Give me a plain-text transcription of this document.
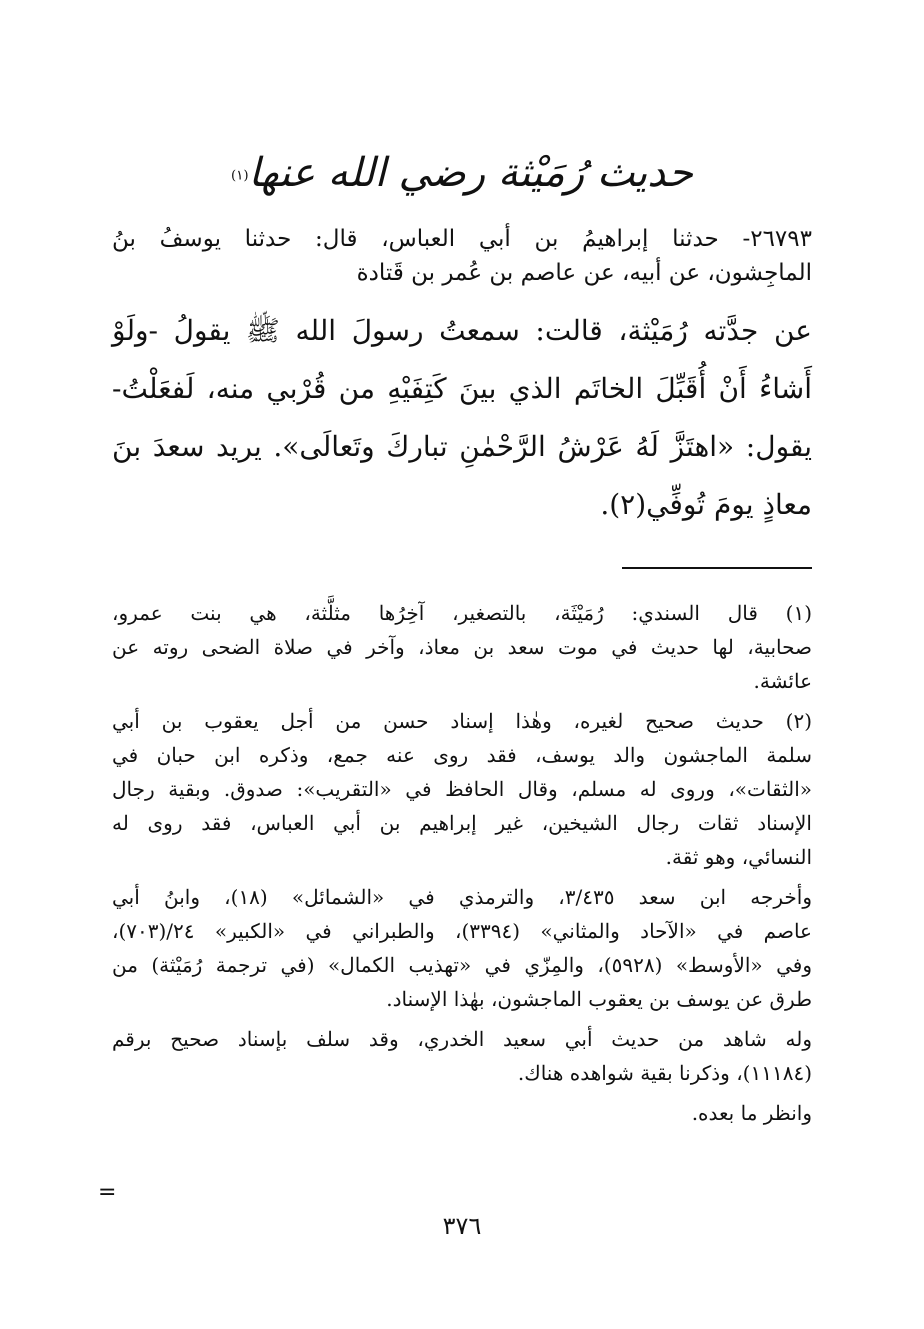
حديث رُمَيْثة رضي الله عنها$^{(١)}$
٢٦٧٩٣- حدثنا إبراهيمُ بن أبي العباس، قال: حدثنا يوسفُ بنُ
الماجِشون، عن أبيه، عن عاصم بن عُمر بن قَتادة
عن جدَّته رُمَيْثة، قالت: سمعتُ رسولَ الله ﷺ يقولُ -ولَوْ
أَشاءُ أَنْ أُقَبِّلَ الخاتَم الذي بينَ كَتِفَيْهِ من قُرْبي منه، لَفعَلْتُ-
يقول: «اهتَزَّ لَهُ عَرْشُ الرَّحْمٰنِ تباركَ وتَعالَى». يريد سعدَ بنَ
معاذٍ يومَ تُوفِّي(٢).
(١) قال السندي: رُمَيْثَة، بالتصغير، آخِرُها مثلَّثة، هي بنت عمرو،
صحابية، لها حديث في موت سعد بن معاذ، وآخر في صلاة الضحى روته عن
عائشة.
(٢) حديث صحيح لغيره، وهٰذا إسناد حسن من أجل يعقوب بن أبي
سلمة الماجشون والد يوسف، فقد روى عنه جمع، وذكره ابن حبان في
«الثقات»، وروى له مسلم، وقال الحافظ في «التقريب»: صدوق. وبقية رجال
الإسناد ثقات رجال الشيخين، غير إبراهيم بن أبي العباس، فقد روى له
النسائي، وهو ثقة.
وأخرجه ابن سعد ٣/٤٣٥، والترمذي في «الشمائل» (١٨)، وابنُ أبي
عاصم في «الآحاد والمثاني» (٣٣٩٤)، والطبراني في «الكبير» ٢٤/(٧٠٣)،
وفي «الأوسط» (٥٩٢٨)، والمِزّي في «تهذيب الكمال» (في ترجمة رُمَيْثة) من
طرق عن يوسف بن يعقوب الماجشون، بهٰذا الإسناد.
وله شاهد من حديث أبي سعيد الخدري، وقد سلف بإسناد صحيح برقم
(١١١٨٤)، وذكرنا بقية شواهده هناك.
وانظر ما بعده.
=
٣٧٦
